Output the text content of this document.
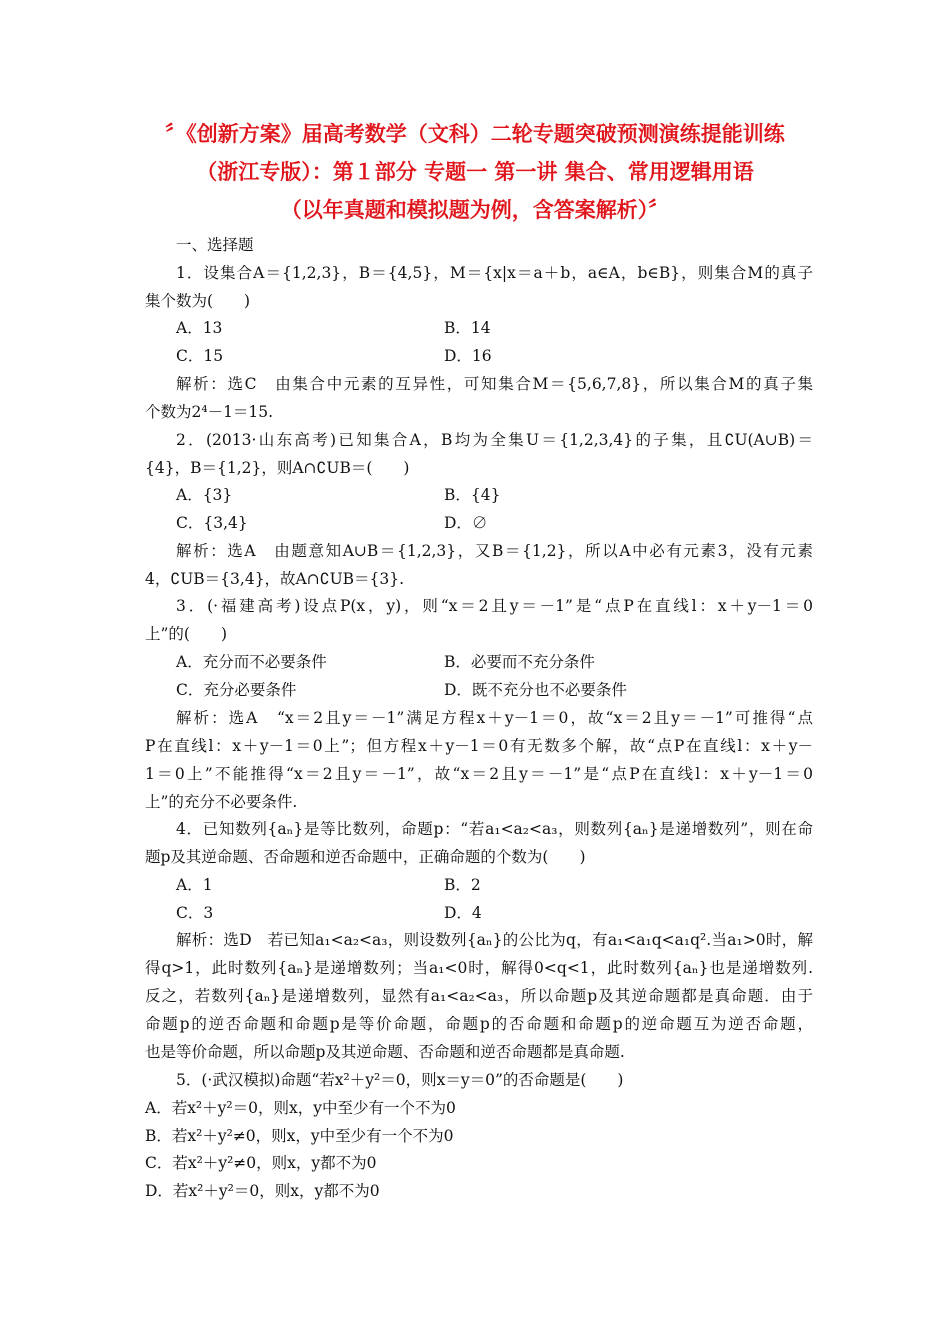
〞《创新方案》届高考数学（文科）二轮专题突破预测演练提能训练
（浙江专版）：第１部分 专题一 第一讲 集合、常用逻辑用语
（以年真题和模拟题为例，含答案解析）〞
一、选择题
1．设集合A＝{1,2,3}，B＝{4,5}，M＝{x|x＝a＋b，a∈A，b∈B}，则集合M的真子
集个数为(　　)
A．13	B．14
C．15	D．16
解析：选C　由集合中元素的互异性，可知集合M＝{5,6,7,8}，所以集合M的真子集
个数为2⁴－1＝15.
2．(2013·山东高考)已知集合A，B均为全集U＝{1,2,3,4}的子集，且∁U(A∪B)＝
{4}，B＝{1,2}，则A∩∁UB＝(　　)
A．{3}	B．{4}
C．{3,4}	D．∅
解析：选A　由题意知A∪B＝{1,2,3}，又B＝{1,2}，所以A中必有元素3，没有元素
4，∁UB＝{3,4}，故A∩∁UB＝{3}.
3．(·福建高考)设点P(x，y)，则“x＝2且y＝－1”是“点P在直线l：x＋y－1＝0
上”的(　　)
A．充分而不必要条件	B．必要而不充分条件
C．充分必要条件	D．既不充分也不必要条件
解析：选A　“x＝2且y＝－1”满足方程x＋y－1＝0，故“x＝2且y＝－1”可推得“点
P在直线l：x＋y－1＝0上”；但方程x＋y－1＝0有无数多个解，故“点P在直线l：x＋y－
1＝0上”不能推得“x＝2且y＝－1”，故“x＝2且y＝－1”是“点P在直线l：x＋y－1＝0
上”的充分不必要条件.
4．已知数列{aₙ}是等比数列，命题p：“若a₁<a₂<a₃，则数列{aₙ}是递增数列”，则在命
题p及其逆命题、否命题和逆否命题中，正确命题的个数为(　　)
A．1	B．2
C．3	D．4
解析：选D　若已知a₁<a₂<a₃，则设数列{aₙ}的公比为q，有a₁<a₁q<a₁q².当a₁>0时，解
得q>1，此时数列{aₙ}是递增数列；当a₁<0时，解得0<q<1，此时数列{aₙ}也是递增数列.
反之，若数列{aₙ}是递增数列，显然有a₁<a₂<a₃，所以命题p及其逆命题都是真命题．由于
命题p的逆否命题和命题p是等价命题，命题p的否命题和命题p的逆命题互为逆否命题，
也是等价命题，所以命题p及其逆命题、否命题和逆否命题都是真命题.
5．(·武汉模拟)命题“若x²＋y²＝0，则x＝y＝0”的否命题是(　　)
A．若x²＋y²＝0，则x，y中至少有一个不为0
B．若x²＋y²≠0，则x，y中至少有一个不为0
C．若x²＋y²≠0，则x，y都不为0
D．若x²＋y²＝0，则x，y都不为0
